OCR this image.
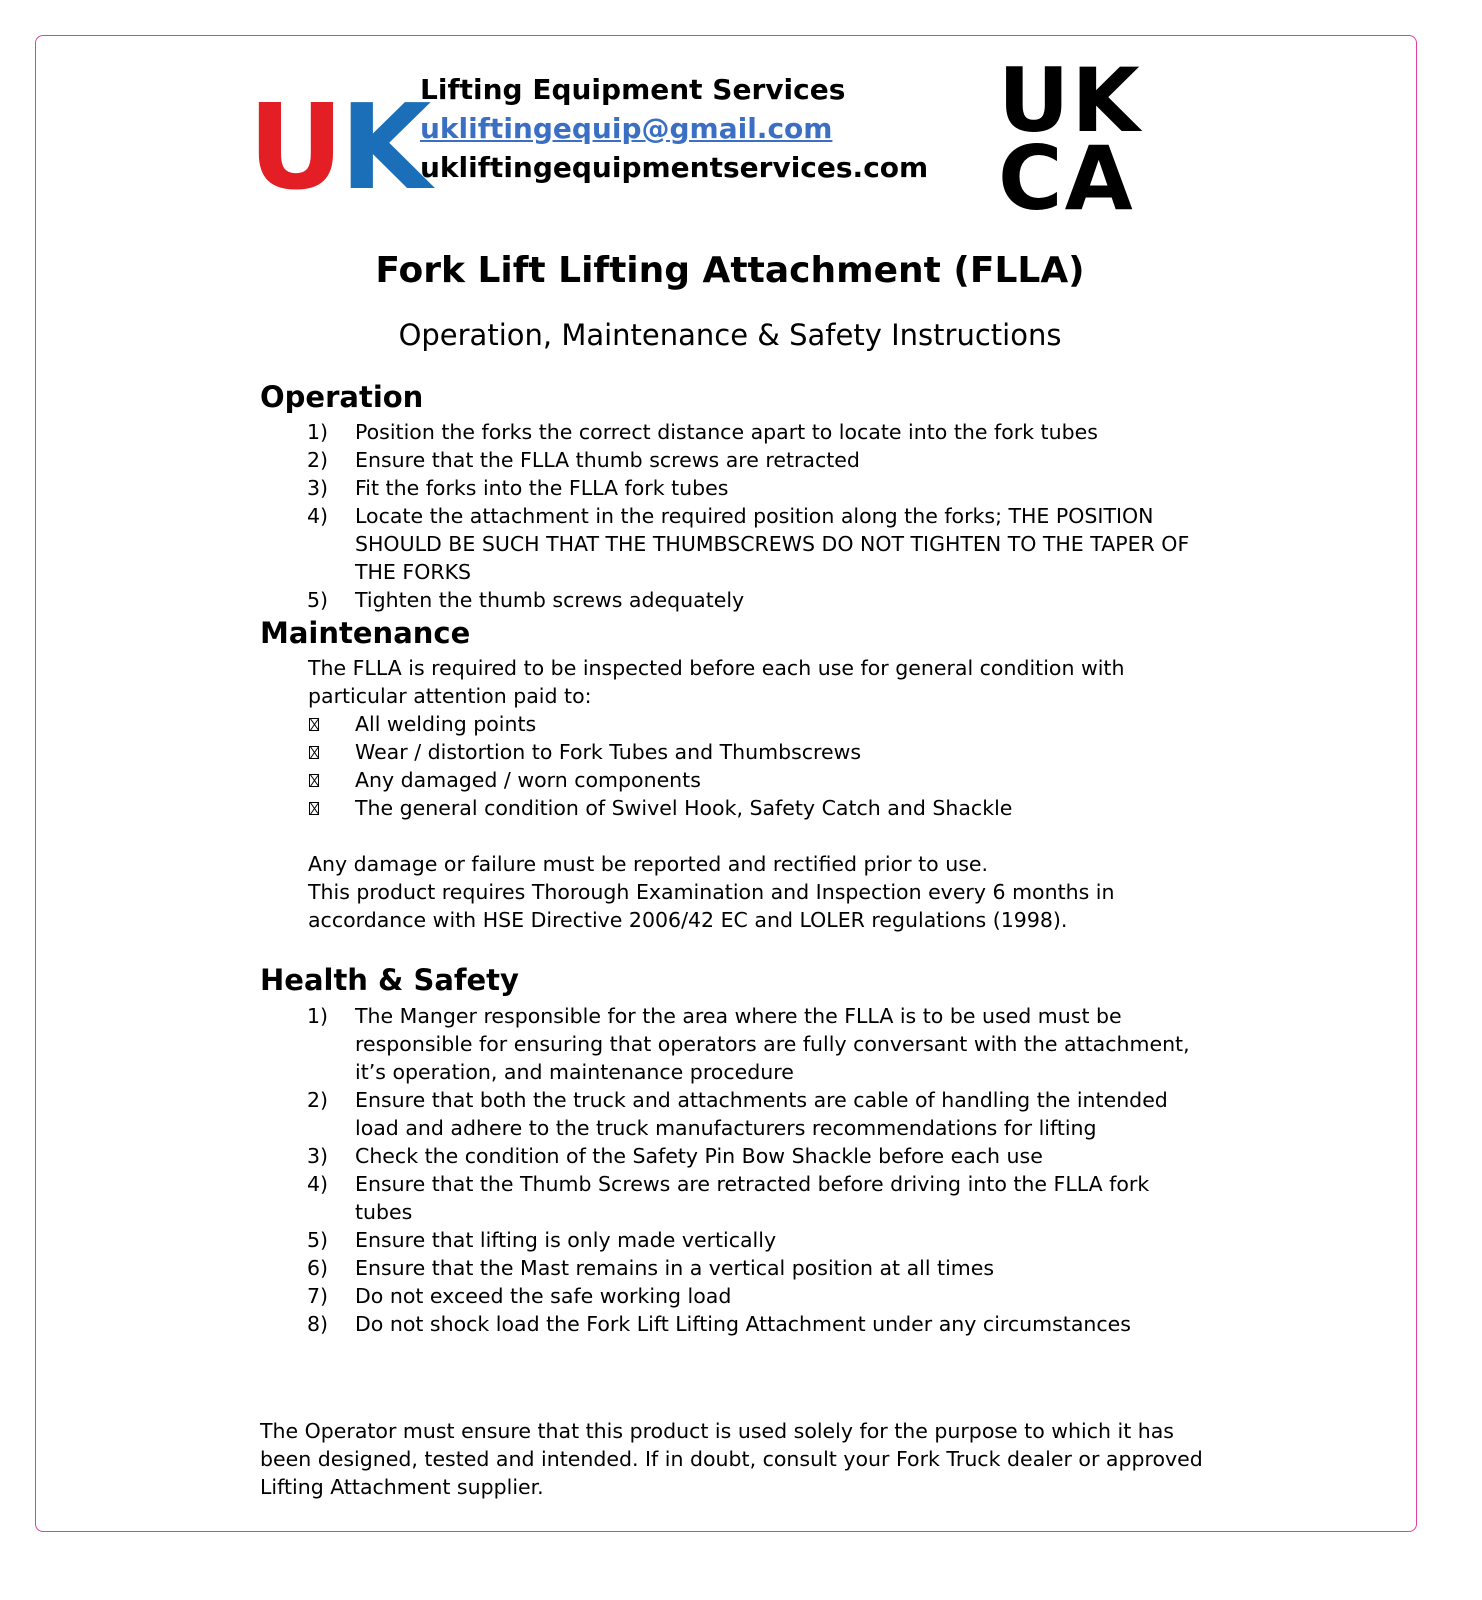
UK
Lifting Equipment Services
ukliftingequip@gmail.com
ukliftingequipmentservices.com
UK
CA
Fork Lift Lifting Attachment (FLLA)
Operation, Maintenance & Safety Instructions
Operation
1)	Position the forks the correct distance apart to locate into the fork tubes
2)	Ensure that the FLLA thumb screws are retracted
3)	Fit the forks into the FLLA fork tubes
4)	Locate the attachment in the required position along the forks; THE POSITION SHOULD BE SUCH THAT THE THUMBSCREWS DO NOT TIGHTEN TO THE TAPER OF THE FORKS
5)	Tighten the thumb screws adequately
Maintenance
The FLLA is required to be inspected before each use for general condition with particular attention paid to:
All welding points
Wear / distortion to Fork Tubes and Thumbscrews
Any damaged / worn components
The general condition of Swivel Hook, Safety Catch and Shackle
Any damage or failure must be reported and rectified prior to use.
This product requires Thorough Examination and Inspection every 6 months in accordance with HSE Directive 2006/42 EC and LOLER regulations (1998).
Health & Safety
1)	The Manger responsible for the area where the FLLA is to be used must be responsible for ensuring that operators are fully conversant with the attachment, it’s operation, and maintenance procedure
2)	Ensure that both the truck and attachments are cable of handling the intended load and adhere to the truck manufacturers recommendations for lifting
3)	Check the condition of the Safety Pin Bow Shackle before each use
4)	Ensure that the Thumb Screws are retracted before driving into the FLLA fork tubes
5)	Ensure that lifting is only made vertically
6)	Ensure that the Mast remains in a vertical position at all times
7)	Do not exceed the safe working load
8)	Do not shock load the Fork Lift Lifting Attachment under any circumstances
The Operator must ensure that this product is used solely for the purpose to which it has been designed, tested and intended. If in doubt, consult your Fork Truck dealer or approved Lifting Attachment supplier.
